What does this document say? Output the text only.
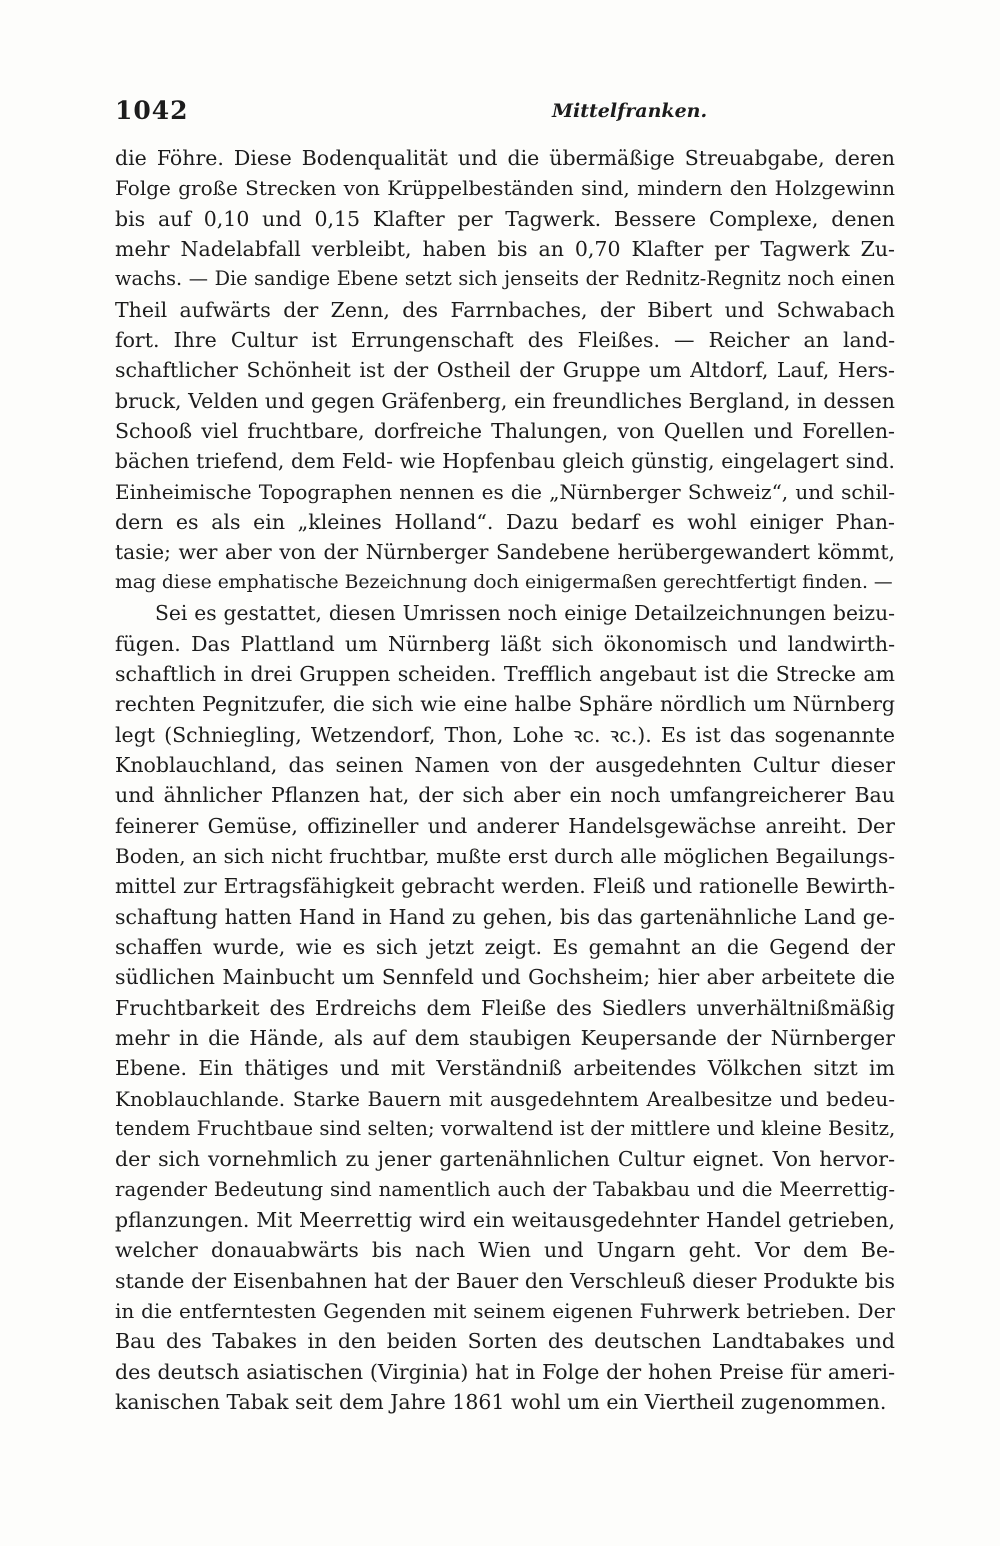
1042	Mittelfranken.
die Föhre. Diese Bodenqualität und die übermäßige Streuabgabe, deren
Folge große Strecken von Krüppelbeständen sind, mindern den Holzgewinn
bis auf 0,10 und 0,15 Klafter per Tagwerk. Bessere Complexe, denen
mehr Nadelabfall verbleibt, haben bis an 0,70 Klafter per Tagwerk Zu-
wachs. — Die sandige Ebene setzt sich jenseits der Rednitz-Regnitz noch einen
Theil aufwärts der Zenn, des Farrnbaches, der Bibert und Schwabach
fort. Ihre Cultur ist Errungenschaft des Fleißes. — Reicher an land-
schaftlicher Schönheit ist der Ostheil der Gruppe um Altdorf, Lauf, Hers-
bruck, Velden und gegen Gräfenberg, ein freundliches Bergland, in dessen
Schooß viel fruchtbare, dorfreiche Thalungen, von Quellen und Forellen-
bächen triefend, dem Feld- wie Hopfenbau gleich günstig, eingelagert sind.
Einheimische Topographen nennen es die „Nürnberger Schweiz“, und schil-
dern es als ein „kleines Holland“. Dazu bedarf es wohl einiger Phan-
tasie; wer aber von der Nürnberger Sandebene herübergewandert kömmt,
mag diese emphatische Bezeichnung doch einigermaßen gerechtfertigt finden. —
Sei es gestattet, diesen Umrissen noch einige Detailzeichnungen beizu-
fügen. Das Plattland um Nürnberg läßt sich ökonomisch und landwirth-
schaftlich in drei Gruppen scheiden. Trefflich angebaut ist die Strecke am
rechten Pegnitzufer, die sich wie eine halbe Sphäre nördlich um Nürnberg
legt (Schniegling, Wetzendorf, Thon, Lohe ꝛc. ꝛc.). Es ist das sogenannte
Knoblauchland, das seinen Namen von der ausgedehnten Cultur dieser
und ähnlicher Pflanzen hat, der sich aber ein noch umfangreicherer Bau
feinerer Gemüse, offizineller und anderer Handelsgewächse anreiht. Der
Boden, an sich nicht fruchtbar, mußte erst durch alle möglichen Begailungs-
mittel zur Ertragsfähigkeit gebracht werden. Fleiß und rationelle Bewirth-
schaftung hatten Hand in Hand zu gehen, bis das gartenähnliche Land ge-
schaffen wurde, wie es sich jetzt zeigt. Es gemahnt an die Gegend der
südlichen Mainbucht um Sennfeld und Gochsheim; hier aber arbeitete die
Fruchtbarkeit des Erdreichs dem Fleiße des Siedlers unverhältnißmäßig
mehr in die Hände, als auf dem staubigen Keupersande der Nürnberger
Ebene. Ein thätiges und mit Verständniß arbeitendes Völkchen sitzt im
Knoblauchlande. Starke Bauern mit ausgedehntem Arealbesitze und bedeu-
tendem Fruchtbaue sind selten; vorwaltend ist der mittlere und kleine Besitz,
der sich vornehmlich zu jener gartenähnlichen Cultur eignet. Von hervor-
ragender Bedeutung sind namentlich auch der Tabakbau und die Meerrettig-
pflanzungen. Mit Meerrettig wird ein weitausgedehnter Handel getrieben,
welcher donauabwärts bis nach Wien und Ungarn geht. Vor dem Be-
stande der Eisenbahnen hat der Bauer den Verschleuß dieser Produkte bis
in die entferntesten Gegenden mit seinem eigenen Fuhrwerk betrieben. Der
Bau des Tabakes in den beiden Sorten des deutschen Landtabakes und
des deutsch asiatischen (Virginia) hat in Folge der hohen Preise für ameri-
kanischen Tabak seit dem Jahre 1861 wohl um ein Viertheil zugenommen.
